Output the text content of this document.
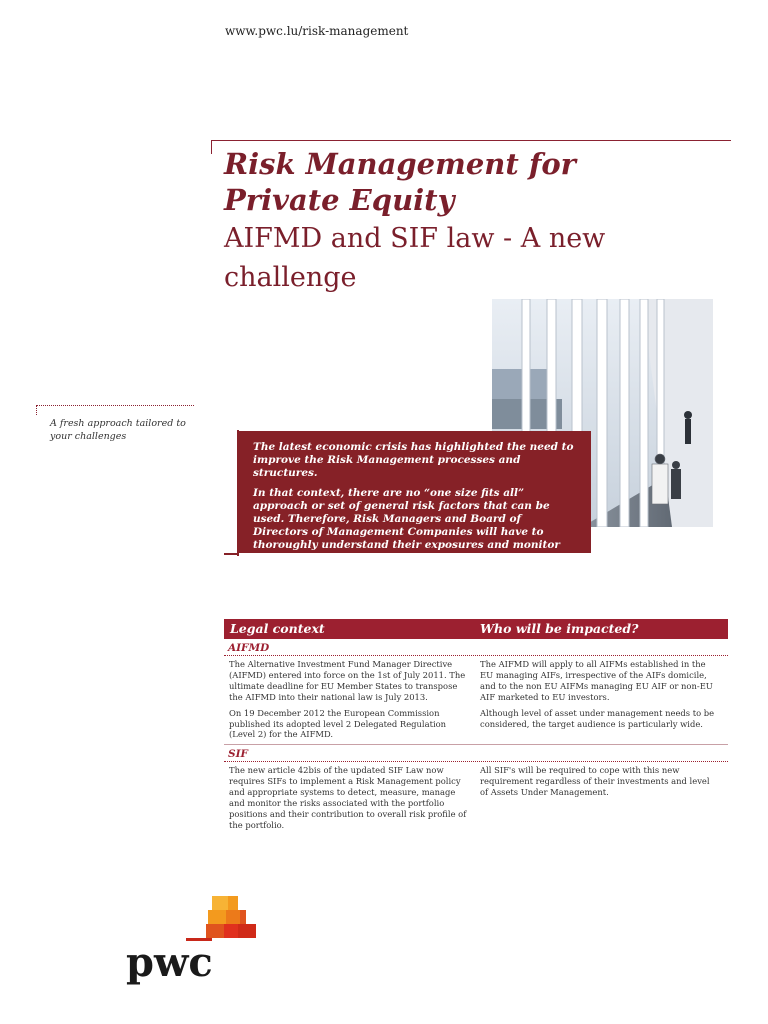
www.pwc.lu/risk-management
Risk Management for
Private Equity
AIFMD and SIF law - A new
challenge
A fresh approach tailored to
your challenges

The latest economic crisis has highlighted the need to improve the Risk Management processes and structures.

In that context, there are no “one size fits all” approach or set of general risk factors that can be used. Therefore, Risk Managers and Board of Directors of Management Companies will have to thoroughly understand their exposures and monitor them adequately.

Legal context	Who will be impacted?
AIFMD

The Alternative Investment Fund Manager Directive (AIFMD) entered into force on the 1st of July 2011. The ultimate deadline for EU Member States to transpose the AIFMD into their national law is July 2013.

On 19 December 2012 the European Commission published its adopted level 2 Delegated Regulation (Level 2) for the AIFMD.

The AIFMD will apply to all AIFMs established in the EU managing AIFs, irrespective of the AIFs domicile, and to the non EU AIFMs managing EU AIF or non-EU AIF marketed to EU investors.

Although level of asset under management needs to be considered, the target audience is particularly wide.

SIF

The new article 42bis of the updated SIF Law now requires SIFs to implement a Risk Management policy and appropriate systems to detect, measure, manage and monitor the risks associated with the portfolio positions and their contribution to overall risk profile of the portfolio.

All SIF's will be required to cope with this new requirement regardless of their investments and level of Assets Under Management.

pwc
